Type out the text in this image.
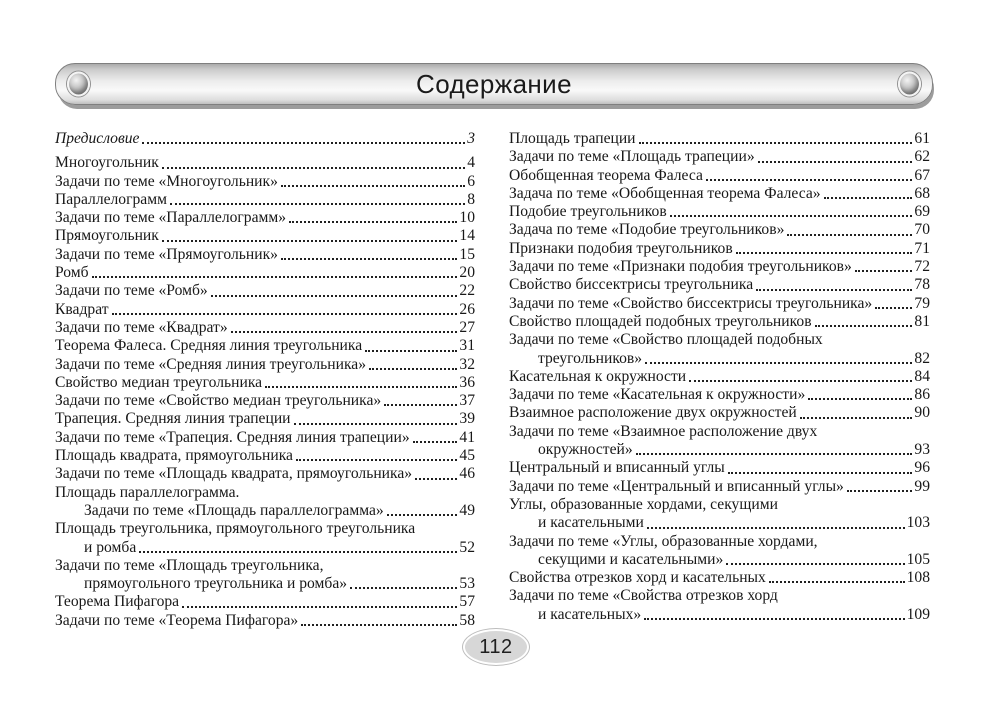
Содержание
Предисловие	3
Многоугольник	4
Задачи по теме «Многоугольник»	6
Параллелограмм	8
Задачи по теме «Параллелограмм»	10
Прямоугольник	14
Задачи по теме «Прямоугольник»	15
Ромб	20
Задачи по теме «Ромб»	22
Квадрат	26
Задачи по теме «Квадрат»	27
Теорема Фалеса. Средняя линия треугольника	31
Задачи по теме «Средняя линия треугольника»	32
Свойство медиан треугольника	36
Задачи по теме «Свойство медиан треугольника»	37
Трапеция. Средняя линия трапеции	39
Задачи по теме «Трапеция. Средняя линия трапеции»	41
Площадь квадрата, прямоугольника	45
Задачи по теме «Площадь квадрата, прямоугольника»	46
Площадь параллелограмма.
Задачи по теме «Площадь параллелограмма»	49
Площадь треугольника, прямоугольного треугольника
и ромба	52
Задачи по теме «Площадь треугольника,
прямоугольного треугольника и ромба»	53
Теорема Пифагора	57
Задачи по теме «Теорема Пифагора»	58
Площадь трапеции	61
Задачи по теме «Площадь трапеции»	62
Обобщенная теорема Фалеса	67
Задача по теме «Обобщенная теорема Фалеса»	68
Подобие треугольников	69
Задача по теме «Подобие треугольников»	70
Признаки подобия треугольников	71
Задачи по теме «Признаки подобия треугольников»	72
Свойство биссектрисы треугольника	78
Задачи по теме «Свойство биссектрисы треугольника»	79
Свойство площадей подобных треугольников	81
Задачи по теме «Свойство площадей подобных
треугольников»	82
Касательная к окружности	84
Задачи по теме «Касательная к окружности»	86
Взаимное расположение двух окружностей	90
Задачи по теме «Взаимное расположение двух
окружностей»	93
Центральный и вписанный углы	96
Задачи по теме «Центральный и вписанный углы»	99
Углы, образованные хордами, секущими
и касательными	103
Задачи по теме «Углы, образованные хордами,
секущими и касательными»	105
Свойства отрезков хорд и касательных	108
Задачи по теме «Свойства отрезков хорд
и касательных»	109
112
